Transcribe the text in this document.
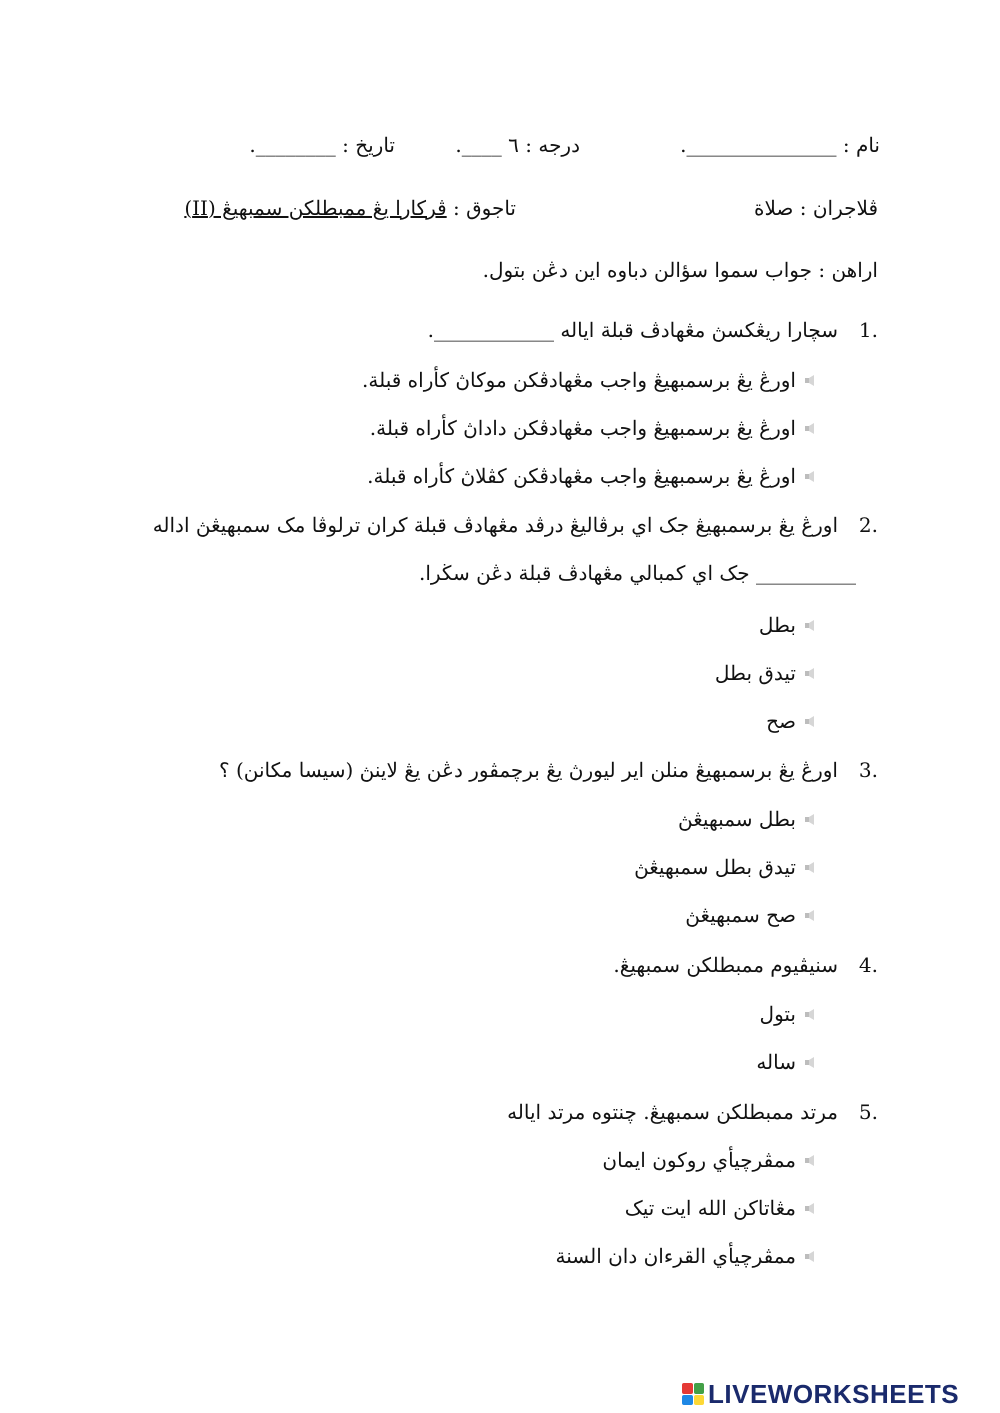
نام : _______________.
درجه : ٦ ____.
تاريخ : ________.
ڤلاجران : صلاة
تاجوق : ڤركارا يڠ ممبطلکن سمبهيڠ (II)
اراهن : جواب سموا سؤالن دباوه اين دڠن بتول.
1.سچارا ريڠکسڽ مڠهادڤ قبلة اياله ____________.
اورڠ يڠ برسمبهيڠ واجب مڠهادڤکن موکاڽ کأراه قبلة.
اورڠ يڠ برسمبهيڠ واجب مڠهادڤکن داداڽ کأراه قبلة.
اورڠ يڠ برسمبهيڠ واجب مڠهادڤکن کڤلاڽ کأراه قبلة.
2.اورڠ يڠ برسمبهيڠ جک اي برڤاليڠ درڤد مڠهادڤ قبلة کران ترلوڤا مک سمبهيڠڽ اداله
__________ جک اي کمبالي مڠهادڤ قبلة دڠن سڬرا.
بطل
تيدق بطل
صح
3.اورڠ يڠ برسمبهيڠ منلن اير ليورڽ يڠ برچمڤور دڠن يڠ لاينڽ (سيسا مکانن) ؟
بطل سمبهيڠڽ
تيدق بطل سمبهيڠڽ
صح سمبهيڠڽ
4.سنيڤيوم ممبطلکن سمبهيڠ.
بتول
ساله
5.مرتد ممبطلکن سمبهيڠ. چنتوه مرتد اياله
ممڤرچيأي روکون ايمان
مڠاتاکن الله ايت تيک
ممڤرچيأي القرءان دان السنة
LIVEWORKSHEETS
